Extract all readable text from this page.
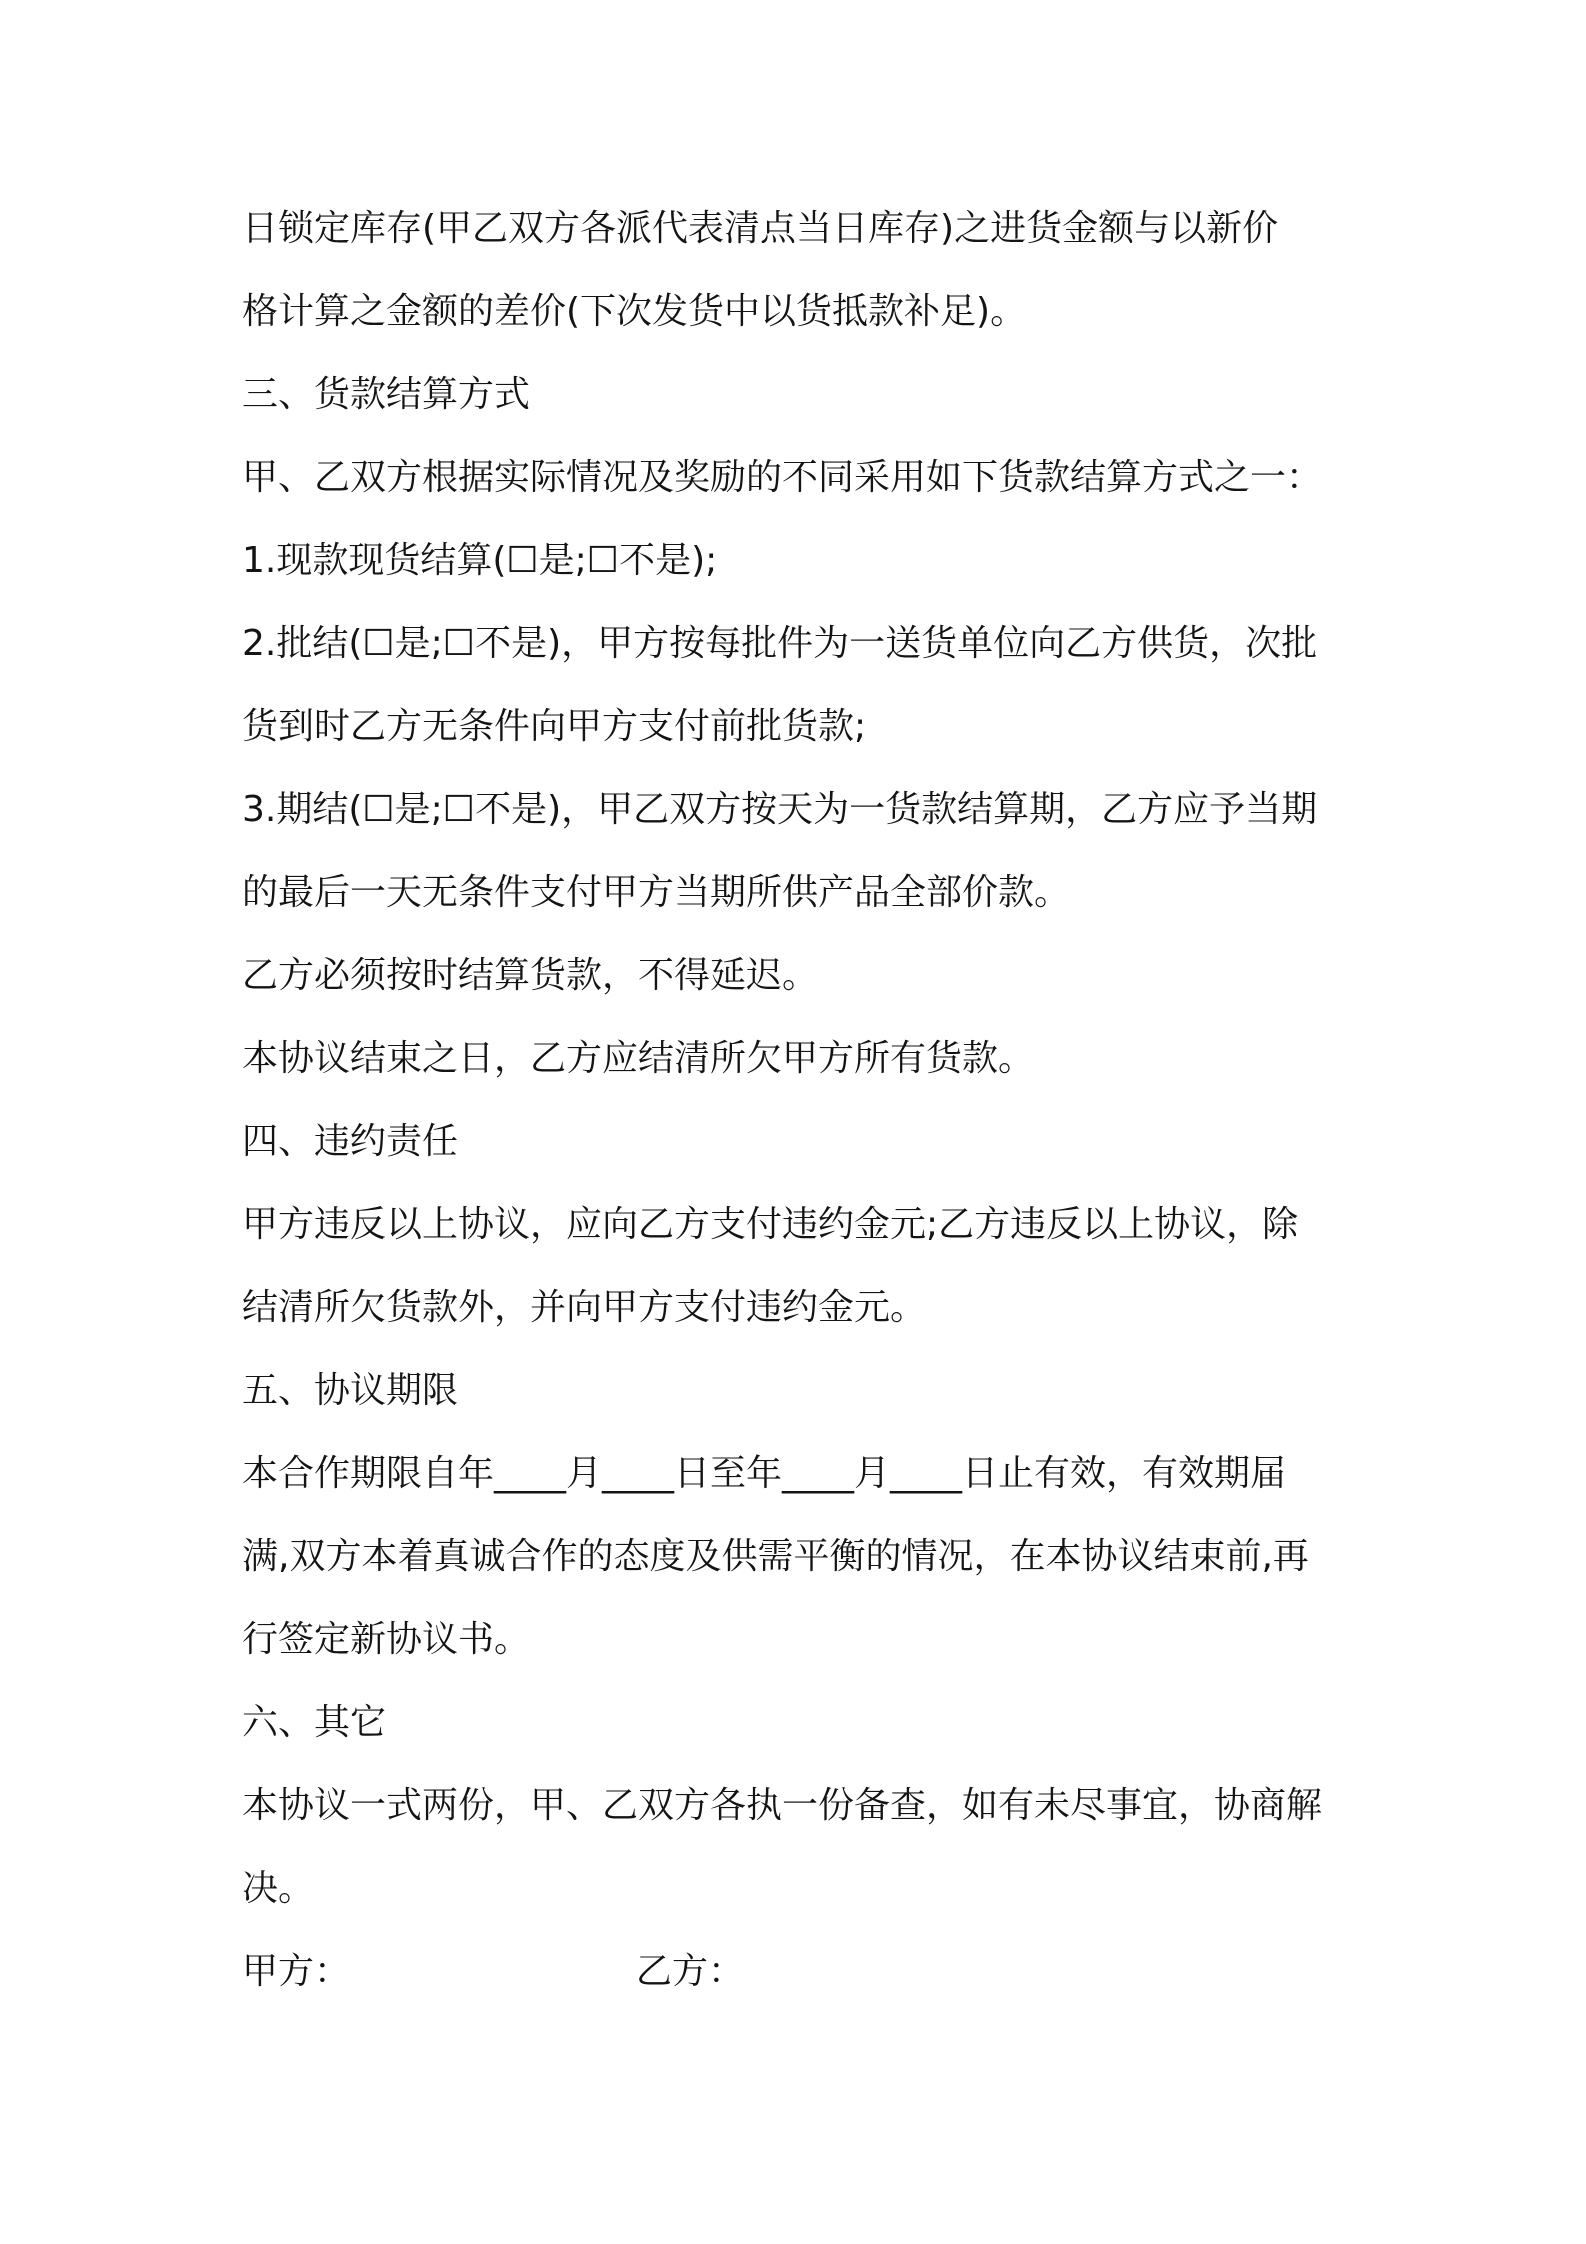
日锁定库存(甲乙双方各派代表清点当日库存)之进货金额与以新价
格计算之金额的差价(下次发货中以货抵款补足)。
三、货款结算方式
甲、乙双方根据实际情况及奖励的不同采用如下货款结算方式之一：
1.现款现货结算(☐是;☐不是);
2.批结(☐是;☐不是)，甲方按每批件为一送货单位向乙方供货，次批
货到时乙方无条件向甲方支付前批货款;
3.期结(☐是;☐不是)，甲乙双方按天为一货款结算期，乙方应予当期
的最后一天无条件支付甲方当期所供产品全部价款。
乙方必须按时结算货款，不得延迟。
本协议结束之日，乙方应结清所欠甲方所有货款。
四、违约责任
甲方违反以上协议，应向乙方支付违约金元;乙方违反以上协议，除
结清所欠货款外，并向甲方支付违约金元。
五、协议期限
本合作期限自年____月____日至年____月____日止有效，有效期届
满,双方本着真诚合作的态度及供需平衡的情况，在本协议结束前,再
行签定新协议书。
六、其它
本协议一式两份，甲、乙双方各执一份备查，如有未尽事宜，协商解
决。
甲方：	乙方：
